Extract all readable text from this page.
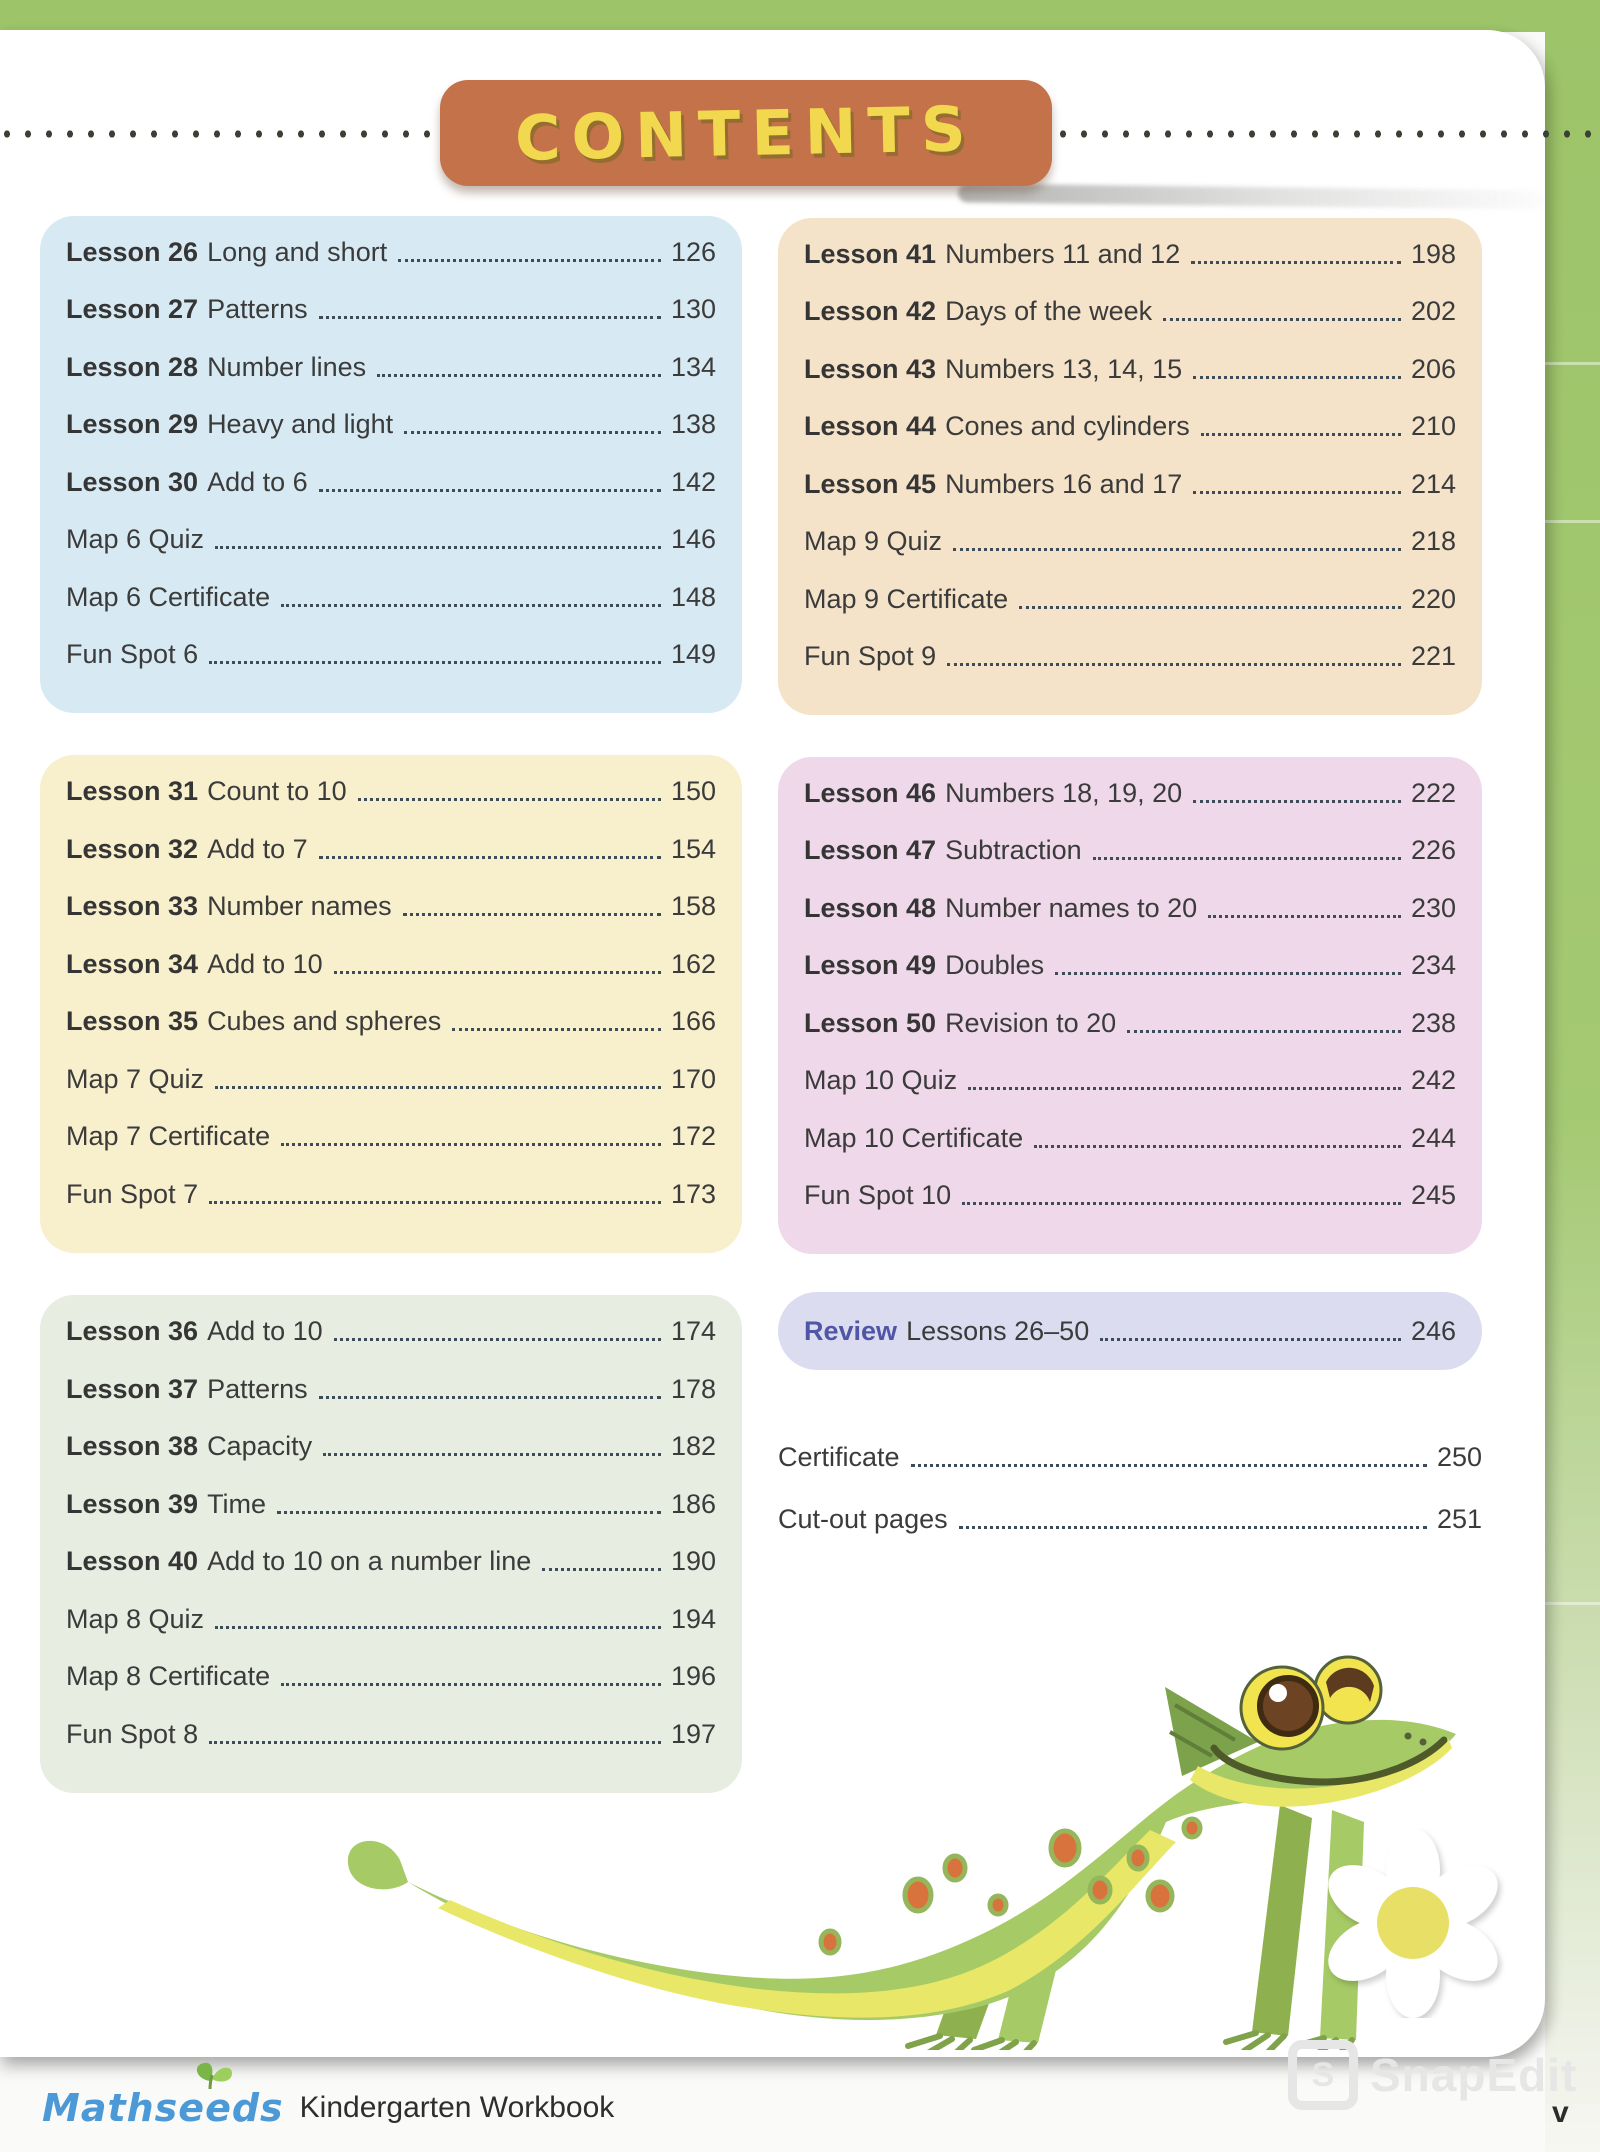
CONTENTS
Lesson 26 Long and short	126
Lesson 27 Patterns	130
Lesson 28 Number lines	134
Lesson 29 Heavy and light	138
Lesson 30 Add to 6	142
Map 6 Quiz	146
Map 6 Certificate	148
Fun Spot 6	149
Lesson 41 Numbers 11 and 12	198
Lesson 42 Days of the week	202
Lesson 43 Numbers 13, 14, 15	206
Lesson 44 Cones and cylinders	210
Lesson 45 Numbers 16 and 17	214
Map 9 Quiz	218
Map 9 Certificate	220
Fun Spot 9	221
Lesson 31 Count to 10	150
Lesson 32 Add to 7	154
Lesson 33 Number names	158
Lesson 34 Add to 10	162
Lesson 35 Cubes and spheres	166
Map 7 Quiz	170
Map 7 Certificate	172
Fun Spot 7	173
Lesson 46 Numbers 18, 19, 20	222
Lesson 47 Subtraction	226
Lesson 48 Number names to 20	230
Lesson 49 Doubles	234
Lesson 50 Revision to 20	238
Map 10 Quiz	242
Map 10 Certificate	244
Fun Spot 10	245
Lesson 36 Add to 10	174
Lesson 37 Patterns	178
Lesson 38 Capacity	182
Lesson 39 Time	186
Lesson 40 Add to 10 on a number line	190
Map 8 Quiz	194
Map 8 Certificate	196
Fun Spot 8	197
Review Lessons 26–50	246
Certificate	250
Cut-out pages	251
Mathseeds Kindergarten Workbook	v
S SnapEdit
